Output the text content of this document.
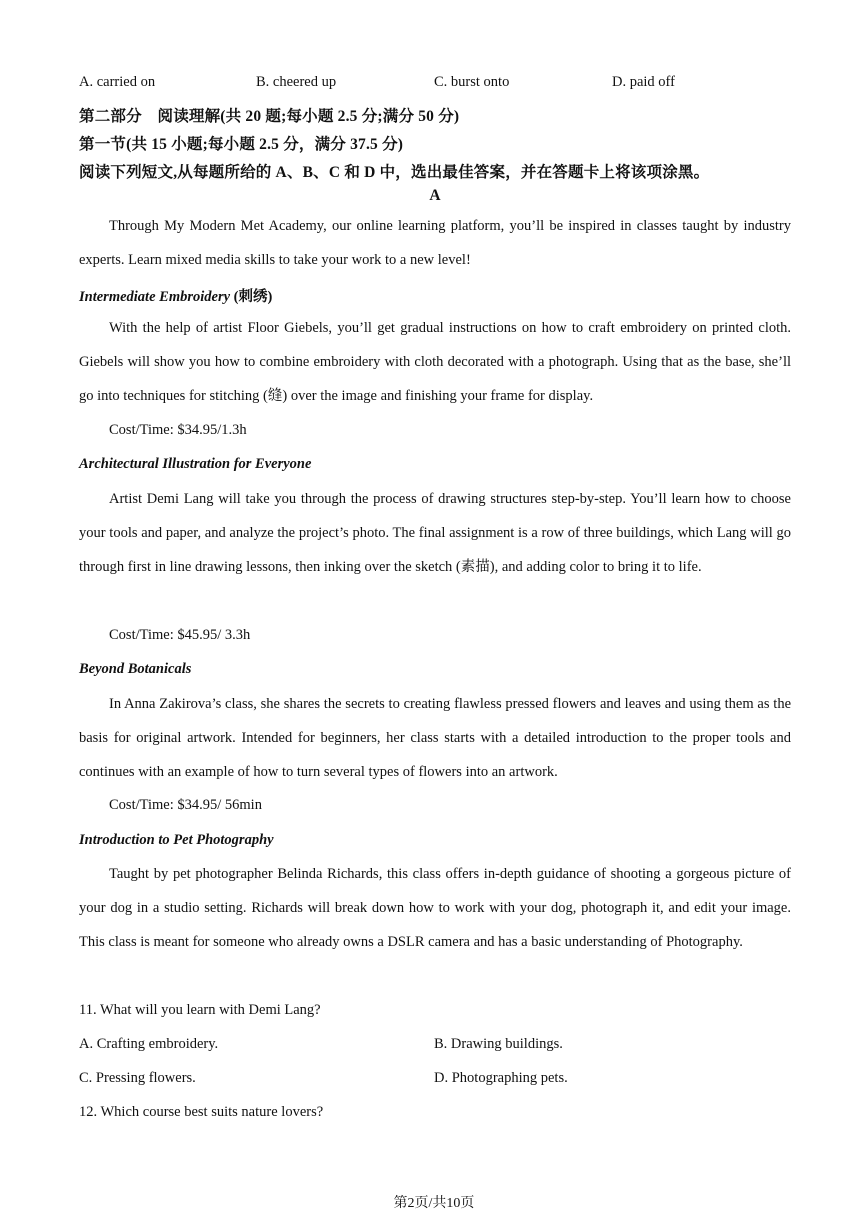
A. carried on	B. cheered up	C. burst onto	D. paid off
第二部分　阅读理解(共 20 题;每小题 2.5 分;满分 50 分)
第一节(共 15 小题;每小题 2.5 分，满分 37.5 分)
阅读下列短文,从每题所给的 A、B、C 和 D 中，选出最佳答案，并在答题卡上将该项涂黑。
A
Through My Modern Met Academy, our online learning platform, you’ll be inspired in classes taught by industry experts. Learn mixed media skills to take your work to a new level!
Intermediate Embroidery (刺绣)
With the help of artist Floor Giebels, you’ll get gradual instructions on how to craft embroidery on printed cloth. Giebels will show you how to combine embroidery with cloth decorated with a photograph. Using that as the base, she’ll go into techniques for stitching (缝) over the image and finishing your frame for display.
Cost/Time: $34.95/1.3h
Architectural Illustration for Everyone
Artist Demi Lang will take you through the process of drawing structures step-by-step. You’ll learn how to choose your tools and paper, and analyze the project’s photo. The final assignment is a row of three buildings, which Lang will go through first in line drawing lessons, then inking over the sketch (素描), and adding color to bring it to life.
Cost/Time: $45.95/ 3.3h
Beyond Botanicals
In Anna Zakirova’s class, she shares the secrets to creating flawless pressed flowers and leaves and using them as the basis for original artwork. Intended for beginners, her class starts with a detailed introduction to the proper tools and continues with an example of how to turn several types of flowers into an artwork.
Cost/Time: $34.95/ 56min
Introduction to Pet Photography
Taught by pet photographer Belinda Richards, this class offers in-depth guidance of shooting a gorgeous picture of your dog in a studio setting. Richards will break down how to work with your dog, photograph it, and edit your image. This class is meant for someone who already owns a DSLR camera and has a basic understanding of Photography.
11. What will you learn with Demi Lang?
A. Crafting embroidery.	B. Drawing buildings.
C. Pressing flowers.	D. Photographing pets.
12. Which course best suits nature lovers?
第2页/共10页
